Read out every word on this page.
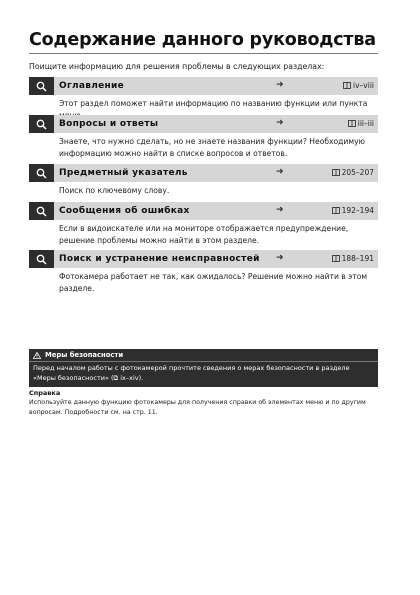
Содержание данного руководства
Поищите информацию для решения проблемы в следующих разделах:
Оглавление	➜	iv–viii
Этот раздел поможет найти информацию по названию функции или пункта
Вопросы и ответы	➜	iii–iii
Знаете, что нужно сделать, но не знаете названия функции? Необходимую информацию можно найти в списке вопросов и ответов.
Предметный указатель	➜	205–207
Поиск по ключевому слову.
Сообщения об ошибках	➜	192–194
Если в видоискателе или на мониторе отображается предупреждение, решение проблемы можно найти в этом разделе.
Поиск и устранение неисправностей ➜	188–191
Фотокамера работает не так, как ожидалось? Решение можно найти в этом разделе.
Меры безопасности
Перед началом работы с фотокамерой прочтите сведения о мерах безопасности в разделе «Меры безопасности» (⧉ ix–xiv).
Справка
Используйте данную функцию фотокамеры для получения справки об элементах меню и по другим вопросам. Подробности см. на стр. 11.
